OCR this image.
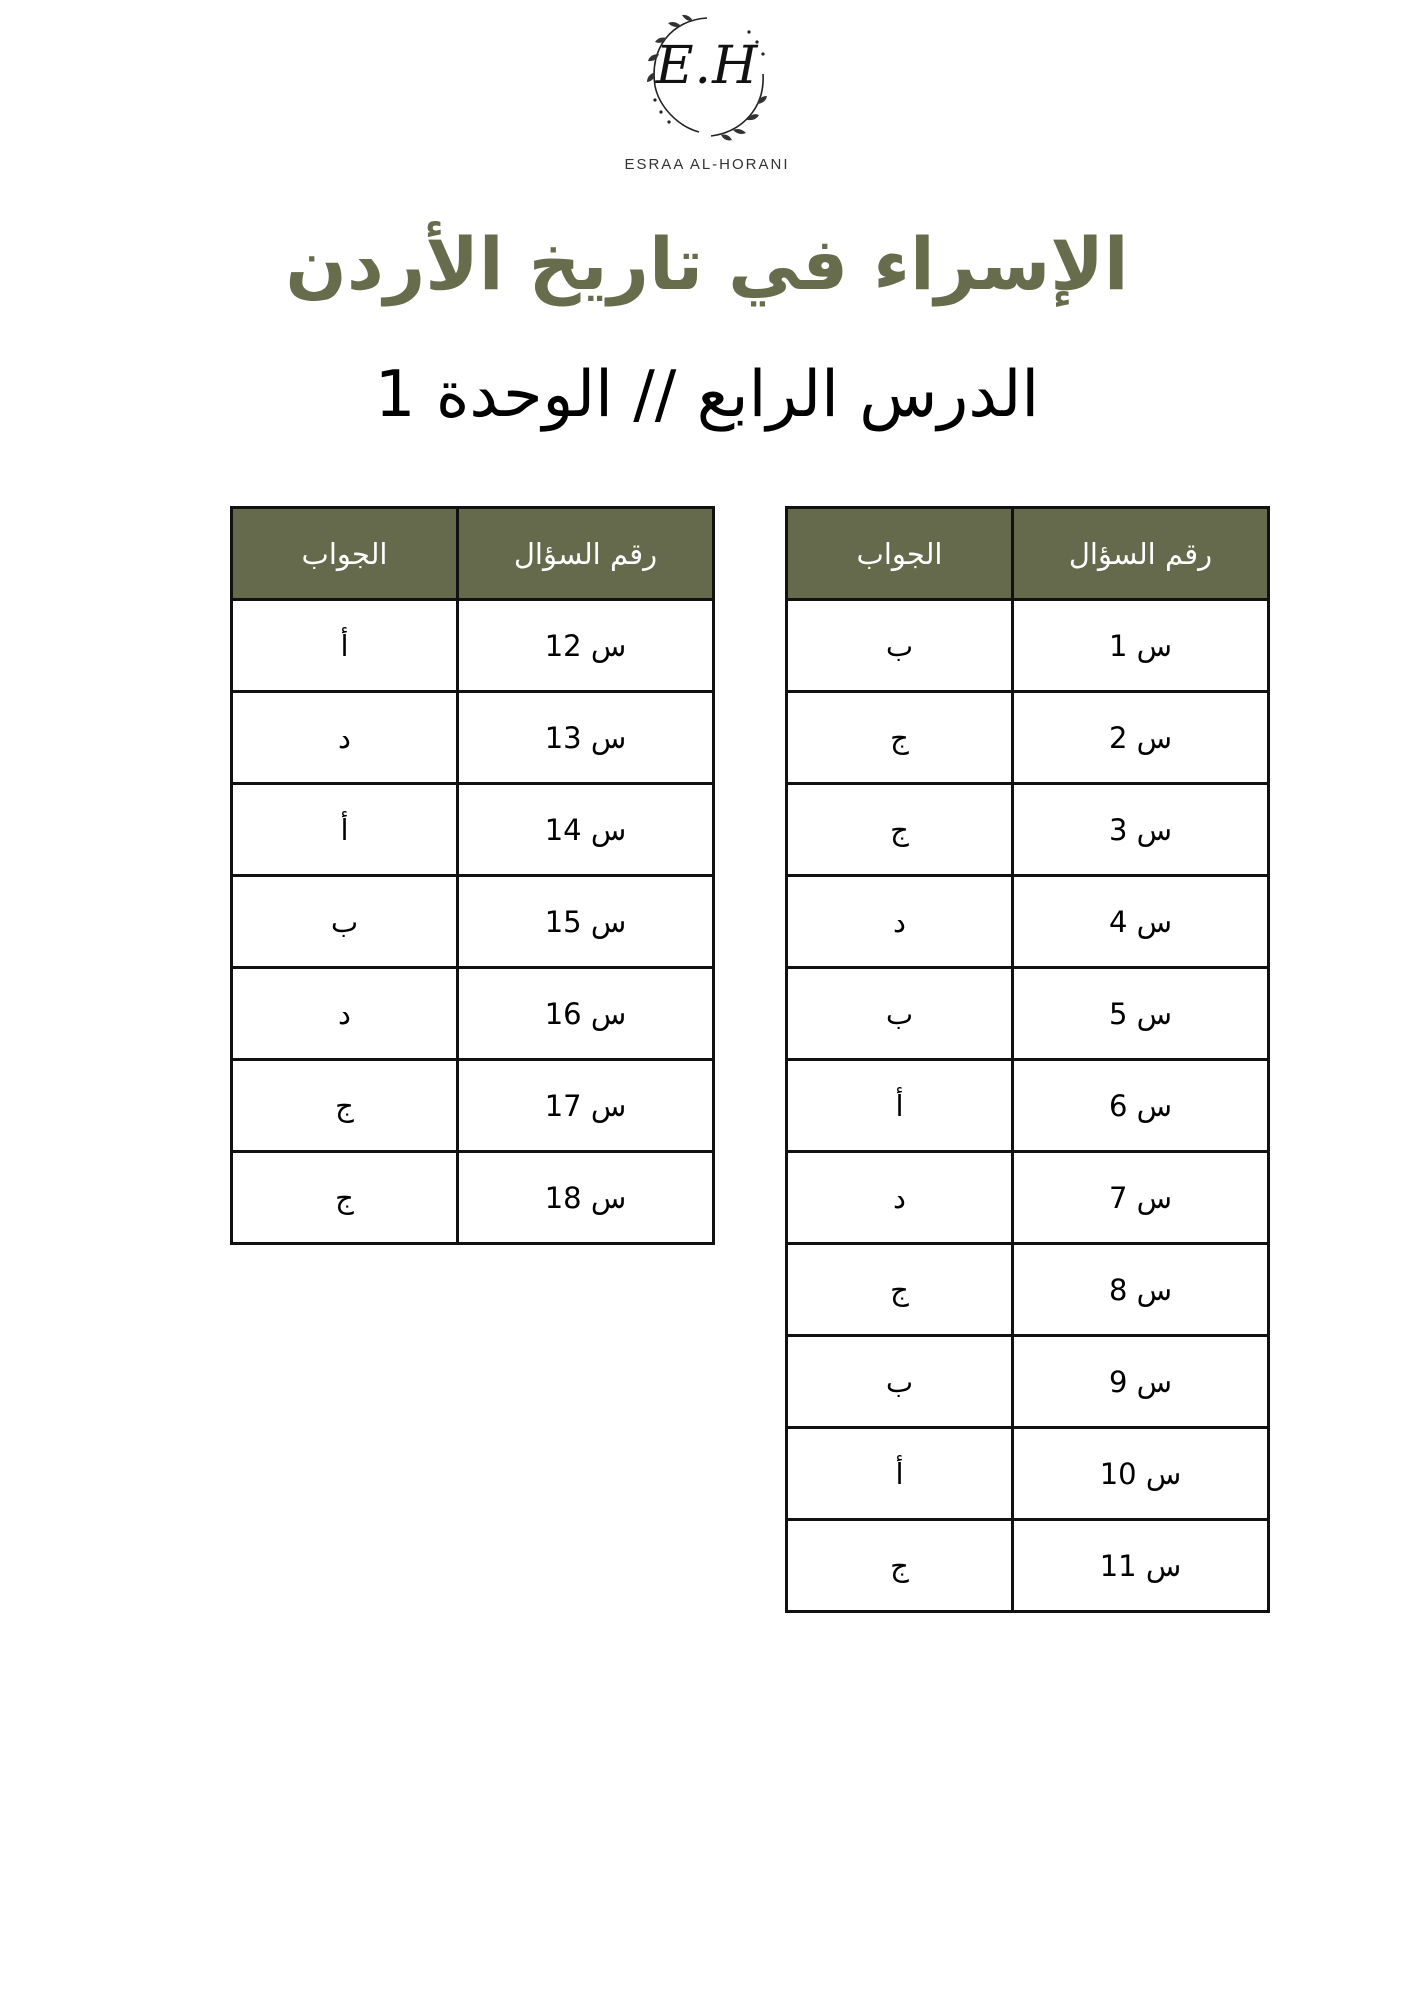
E.H
ESRAA AL-HORANI
الإسراء في تاريخ الأردن
الدرس الرابع // الوحدة 1
رقم السؤال	الجواب
س 1	ب
س 2	ج
س 3	ج
س 4	د
س 5	ب
س 6	أ
س 7	د
س 8	ج
س 9	ب
س 10	أ
س 11	ج
رقم السؤال	الجواب
س 12	أ
س 13	د
س 14	أ
س 15	ب
س 16	د
س 17	ج
س 18	ج
